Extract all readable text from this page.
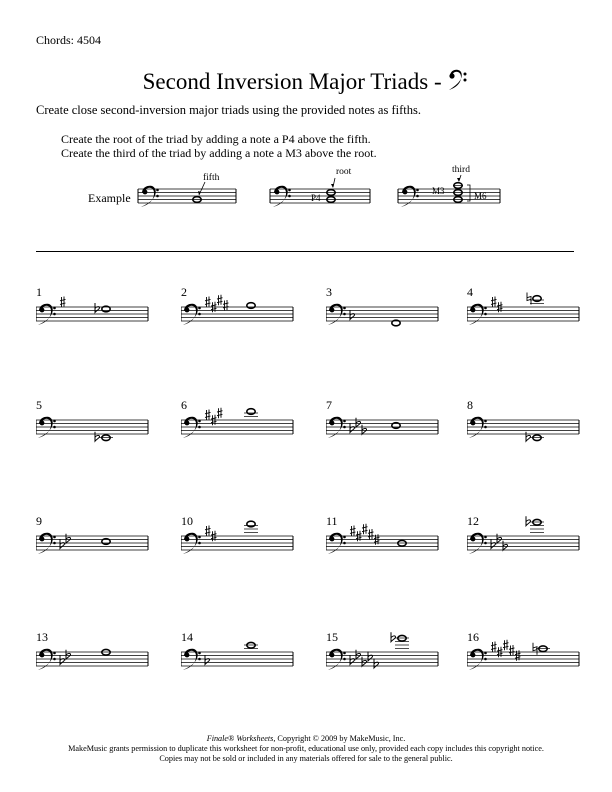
Chords: 4504
Second Inversion Major Triads -
Create close second-inversion major triads using the provided notes as fifths.
Create the root of the triad by adding a note a P4 above the fifth.
Create the third of the triad by adding a note a M3 above the root.
Example
fifth
root
P4
third
M3	M6
1	2	3	4
5	6	7	8
9	10	11	12
13	14	15	16
Finale® Worksheets, Copyright © 2009 by MakeMusic, Inc.
MakeMusic grants permission to duplicate this worksheet for non-profit, educational use only, provided each copy includes this copyright notice.
Copies may not be sold or included in any materials offered for sale to the general public.
